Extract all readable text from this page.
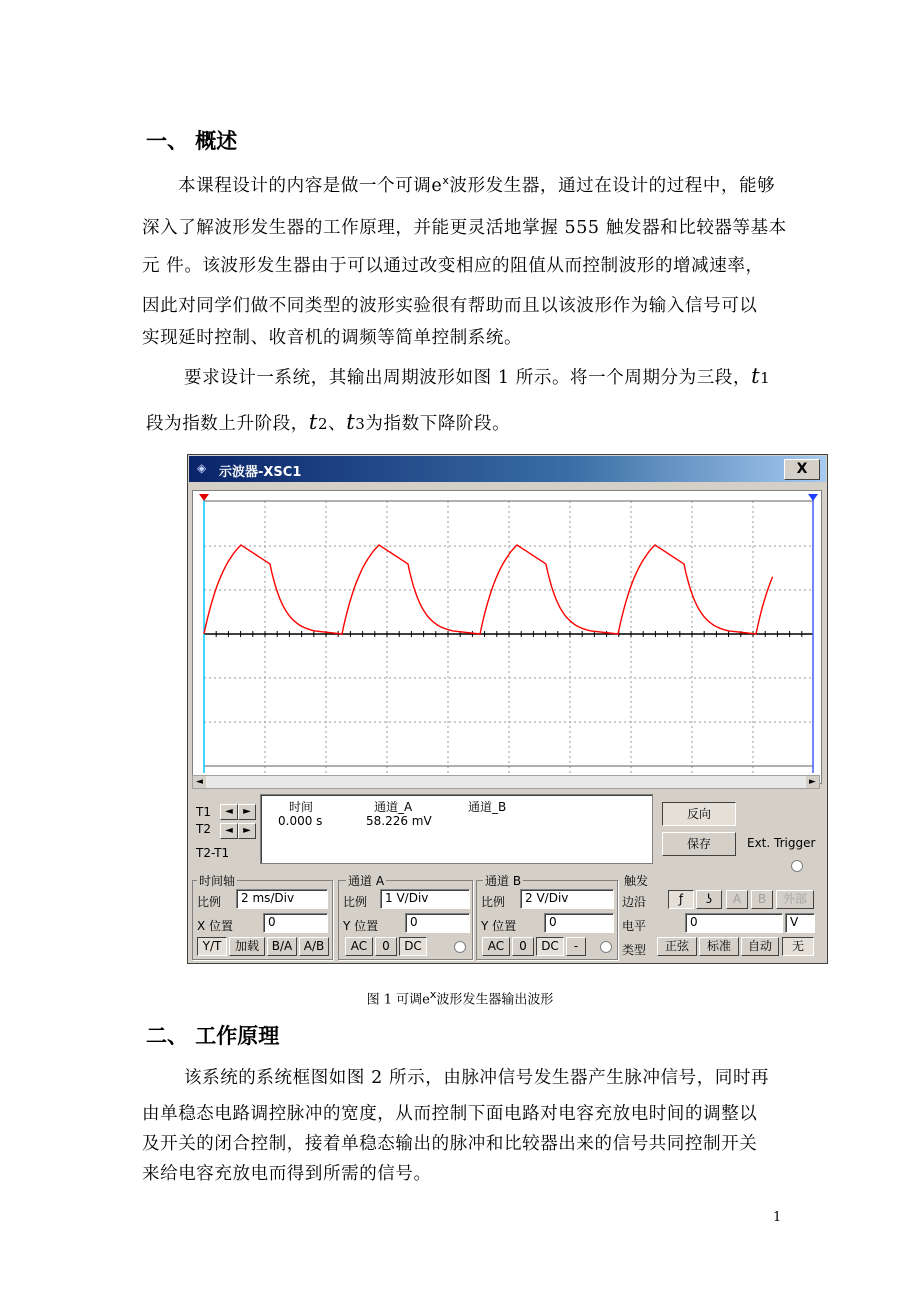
一、 概述
本课程设计的内容是做一个可调$e^x$波形发生器，通过在设计的过程中，能够
深入了解波形发生器的工作原理，并能更灵活地掌握 555 触发器和比较器等基本
元 件。该波形发生器由于可以通过改变相应的阻值从而控制波形的增减速率，
因此对同学们做不同类型的波形实验很有帮助而且以该波形作为输入信号可以
实现延时控制、收音机的调频等简单控制系统。
要求设计一系统，其输出周期波形如图 1 所示。将一个周期分为三段，t1
段为指数上升阶段，t2、t3为指数下降阶段。
◈ 示波器-XSC1	X
◄	►
T1
T2
T2-T1
◄	►
◄	►
时间	通道_A	通道_B
0.000 s	58.226 mV	反向
保存	Ext. Trigger
时间轴
比例	2 ms/Div
X 位置	0
Y/T	加载	B/A A/B
通道 A
比例	1 V/Div
Y 位置	0
AC	0	DC
通道 B
比例	2 V/Div
Y 位置	0
AC	0	DC	-
触发
边沿	ƒ	ʖ	A	B	外部
电平	0	V
类型	正弦	标准	自动	无
图 1 可调$e^x$波形发生器输出波形
二、 工作原理
该系统的系统框图如图 2 所示，由脉冲信号发生器产生脉冲信号，同时再
由单稳态电路调控脉冲的宽度，从而控制下面电路对电容充放电时间的调整以
及开关的闭合控制，接着单稳态输出的脉冲和比较器出来的信号共同控制开关
来给电容充放电而得到所需的信号。
1
